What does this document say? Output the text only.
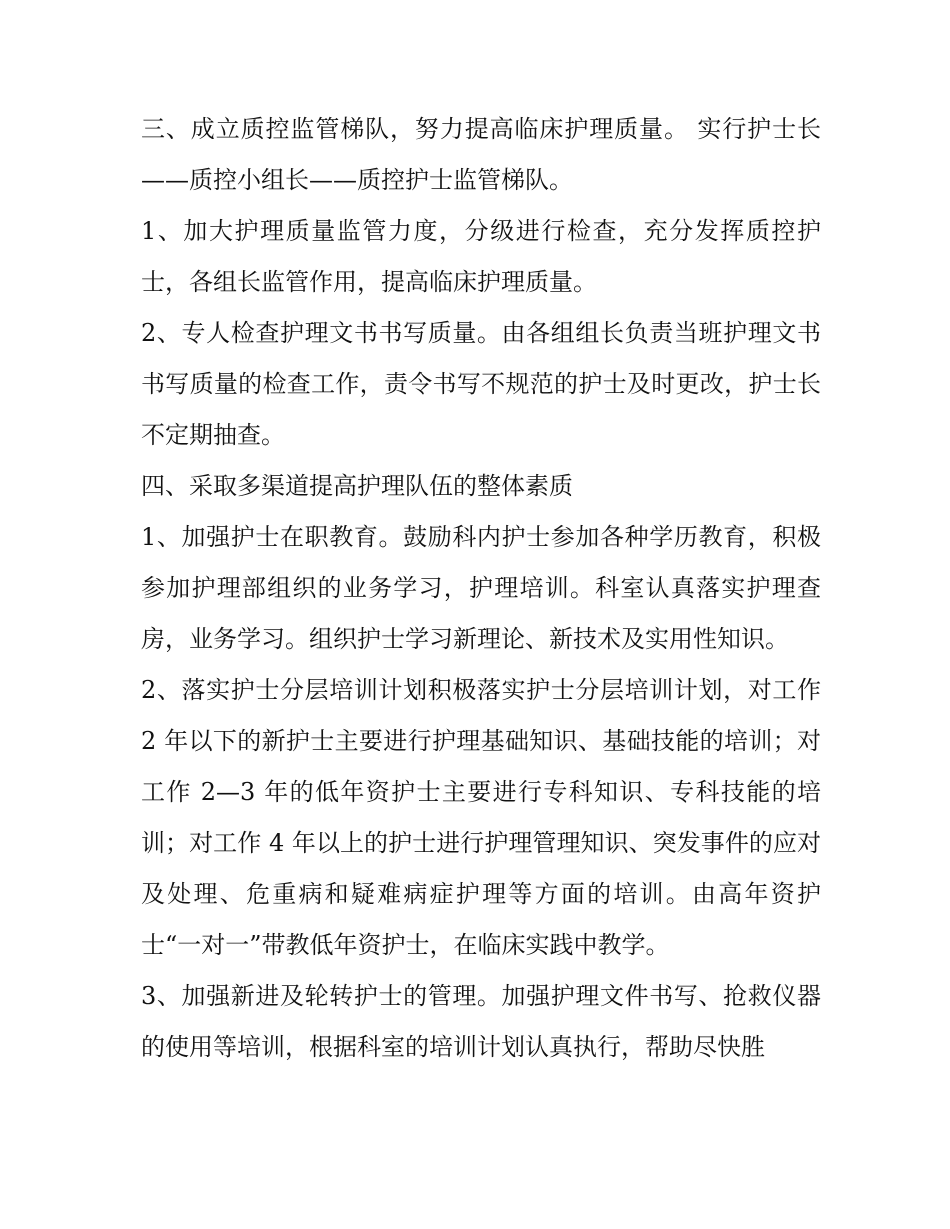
三、成立质控监管梯队，努力提高临床护理质量。 实行护士长——质控小组长——质控护士监管梯队。

1、加大护理质量监管力度，分级进行检查，充分发挥质控护士，各组长监管作用，提高临床护理质量。

2、专人检查护理文书书写质量。由各组组长负责当班护理文书书写质量的检查工作，责令书写不规范的护士及时更改，护士长不定期抽查。

四、采取多渠道提高护理队伍的整体素质

1、加强护士在职教育。鼓励科内护士参加各种学历教育，积极参加护理部组织的业务学习，护理培训。科室认真落实护理查房，业务学习。组织护士学习新理论、新技术及实用性知识。

2、落实护士分层培训计划积极落实护士分层培训计划，对工作 2 年以下的新护士主要进行护理基础知识、基础技能的培训；对工作 2—3 年的低年资护士主要进行专科知识、专科技能的培训；对工作 4 年以上的护士进行护理管理知识、突发事件的应对及处理、危重病和疑难病症护理等方面的培训。由高年资护士“一对一”带教低年资护士，在临床实践中教学。

3、加强新进及轮转护士的管理。加强护理文件书写、抢救仪器的使用等培训，根据科室的培训计划认真执行，帮助尽快胜
